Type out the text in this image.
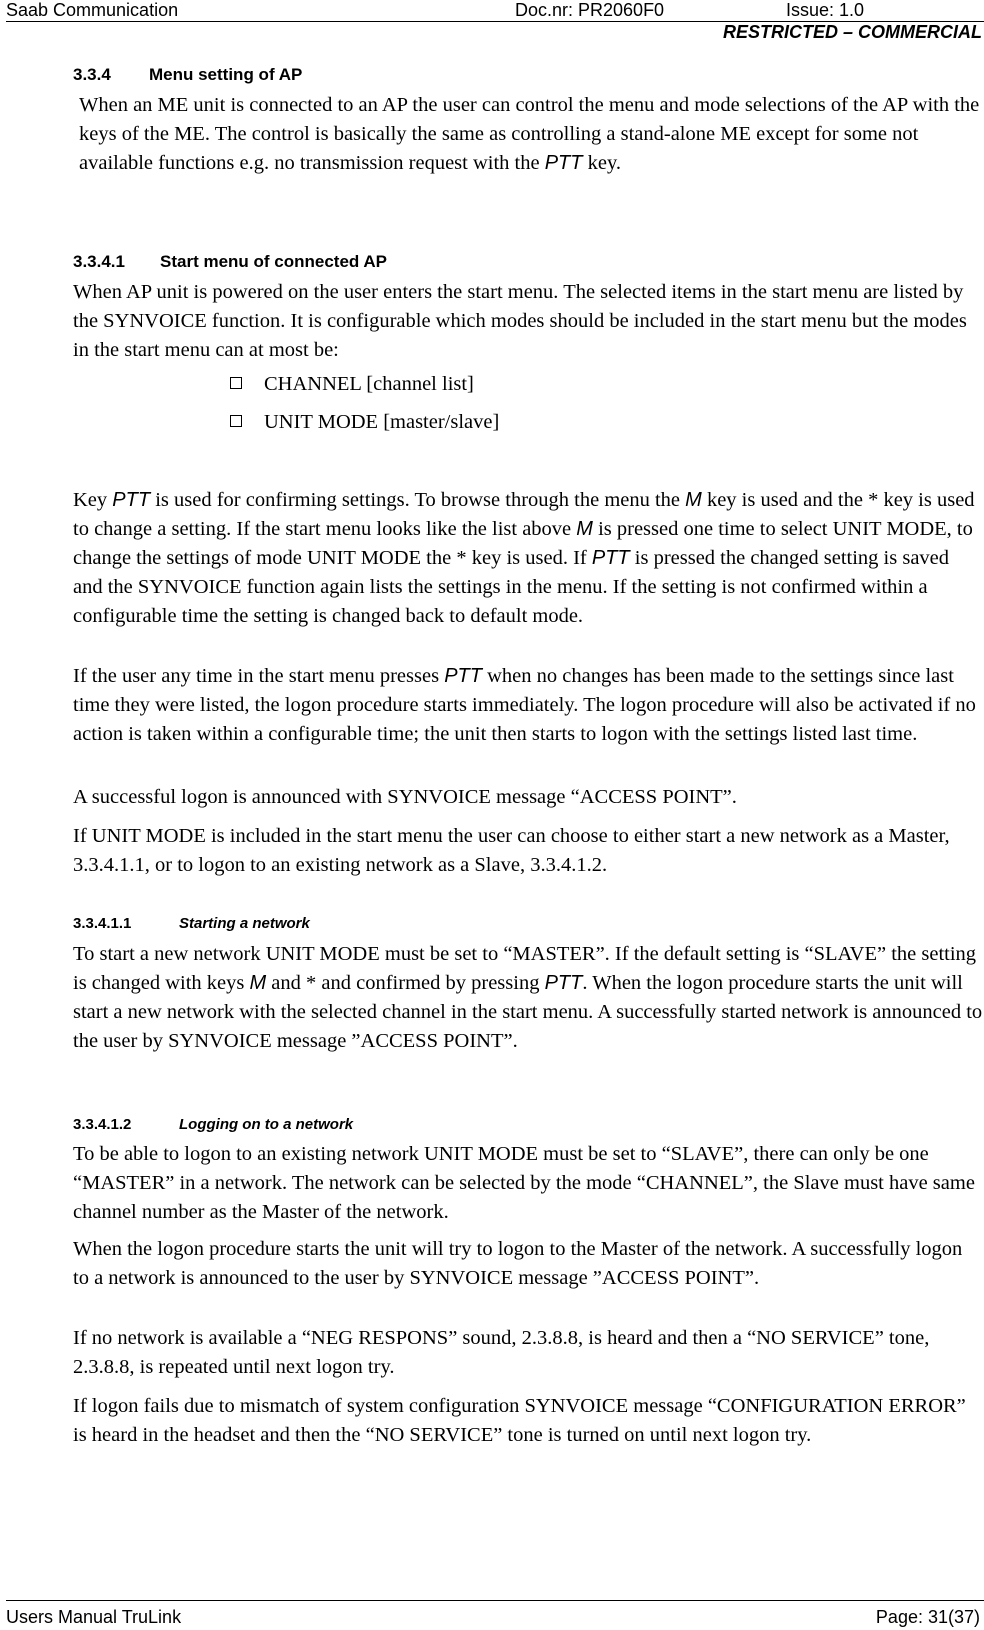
Saab Communication	Doc.nr: PR2060F0	Issue: 1.0
RESTRICTED – COMMERCIAL
3.3.4 Menu setting of AP

When an ME unit is connected to an AP the user can control the menu and mode selections of the AP with the keys of the ME. The control is basically the same as controlling a stand-alone ME except for some not available functions e.g. no transmission request with the PTT key.

3.3.4.1 Start menu of connected AP

When AP unit is powered on the user enters the start menu. The selected items in the start menu are listed by the SYNVOICE function. It is configurable which modes should be included in the start menu but the modes in the start menu can at most be:

CHANNEL [channel list]
UNIT MODE [master/slave]

Key PTT is used for confirming settings. To browse through the menu the M key is used and the * key is used to change a setting. If the start menu looks like the list above M is pressed one time to select UNIT MODE, to change the settings of mode UNIT MODE the * key is used. If PTT is pressed the changed setting is saved and the SYNVOICE function again lists the settings in the menu. If the setting is not confirmed within a configurable time the setting is changed back to default mode.

If the user any time in the start menu presses PTT when no changes has been made to the settings since last time they were listed, the logon procedure starts immediately. The logon procedure will also be activated if no action is taken within a configurable time; the unit then starts to logon with the settings listed last time.

A successful logon is announced with SYNVOICE message “ACCESS POINT”.

If UNIT MODE is included in the start menu the user can choose to either start a new network as a Master, 3.3.4.1.1, or to logon to an existing network as a Slave, 3.3.4.1.2.

3.3.4.1.1	Starting a network

To start a new network UNIT MODE must be set to “MASTER”. If the default setting is “SLAVE” the setting is changed with keys M and * and confirmed by pressing PTT. When the logon procedure starts the unit will start a new network with the selected channel in the start menu. A successfully started network is announced to the user by SYNVOICE message ”ACCESS POINT”.

3.3.4.1.2	Logging on to a network

To be able to logon to an existing network UNIT MODE must be set to “SLAVE”, there can only be one “MASTER” in a network. The network can be selected by the mode “CHANNEL”, the Slave must have same channel number as the Master of the network.

When the logon procedure starts the unit will try to logon to the Master of the network. A successfully logon to a network is announced to the user by SYNVOICE message ”ACCESS POINT”.

If no network is available a “NEG RESPONS” sound, 2.3.8.8, is heard and then a “NO SERVICE” tone, 2.3.8.8, is repeated until next logon try.

If logon fails due to mismatch of system configuration SYNVOICE message “CONFIGURATION ERROR” is heard in the headset and then the “NO SERVICE” tone is turned on until next logon try.

Users Manual TruLink	Page: 31(37)
